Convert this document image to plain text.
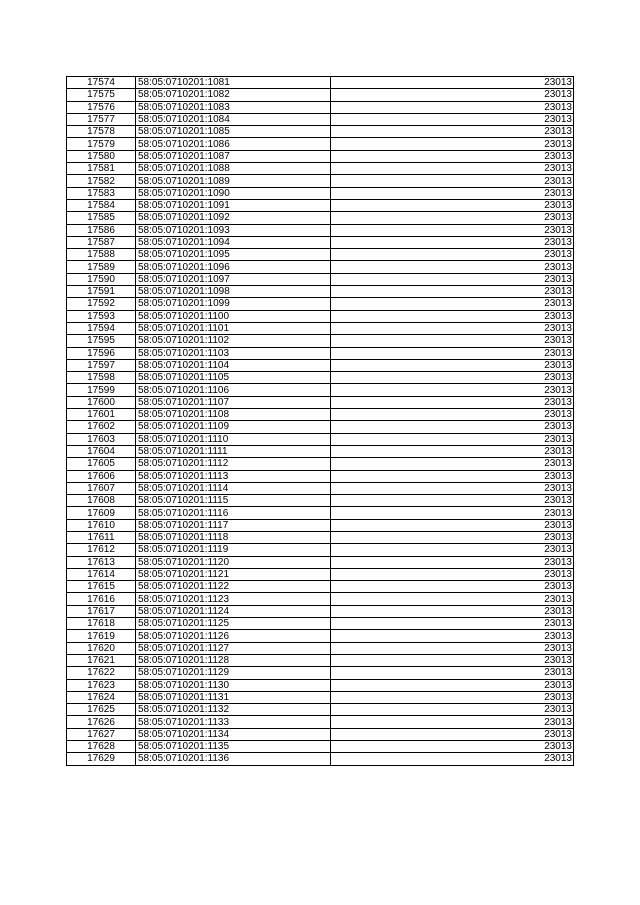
17574	58:05:0710201:1081	23013
17575	58:05:0710201:1082	23013
17576	58:05:0710201:1083	23013
17577	58:05:0710201:1084	23013
17578	58:05:0710201:1085	23013
17579	58:05:0710201:1086	23013
17580	58:05:0710201:1087	23013
17581	58:05:0710201:1088	23013
17582	58:05:0710201:1089	23013
17583	58:05:0710201:1090	23013
17584	58:05:0710201:1091	23013
17585	58:05:0710201:1092	23013
17586	58:05:0710201:1093	23013
17587	58:05:0710201:1094	23013
17588	58:05:0710201:1095	23013
17589	58:05:0710201:1096	23013
17590	58:05:0710201:1097	23013
17591	58:05:0710201:1098	23013
17592	58:05:0710201:1099	23013
17593	58:05:0710201:1100	23013
17594	58:05:0710201:1101	23013
17595	58:05:0710201:1102	23013
17596	58:05:0710201:1103	23013
17597	58:05:0710201:1104	23013
17598	58:05:0710201:1105	23013
17599	58:05:0710201:1106	23013
17600	58:05:0710201:1107	23013
17601	58:05:0710201:1108	23013
17602	58:05:0710201:1109	23013
17603	58:05:0710201:1110	23013
17604	58:05:0710201:1111	23013
17605	58:05:0710201:1112	23013
17606	58:05:0710201:1113	23013
17607	58:05:0710201:1114	23013
17608	58:05:0710201:1115	23013
17609	58:05:0710201:1116	23013
17610	58:05:0710201:1117	23013
17611	58:05:0710201:1118	23013
17612	58:05:0710201:1119	23013
17613	58:05:0710201:1120	23013
17614	58:05:0710201:1121	23013
17615	58:05:0710201:1122	23013
17616	58:05:0710201:1123	23013
17617	58:05:0710201:1124	23013
17618	58:05:0710201:1125	23013
17619	58:05:0710201:1126	23013
17620	58:05:0710201:1127	23013
17621	58:05:0710201:1128	23013
17622	58:05:0710201:1129	23013
17623	58:05:0710201:1130	23013
17624	58:05:0710201:1131	23013
17625	58:05:0710201:1132	23013
17626	58:05:0710201:1133	23013
17627	58:05:0710201:1134	23013
17628	58:05:0710201:1135	23013
17629	58:05:0710201:1136	23013
